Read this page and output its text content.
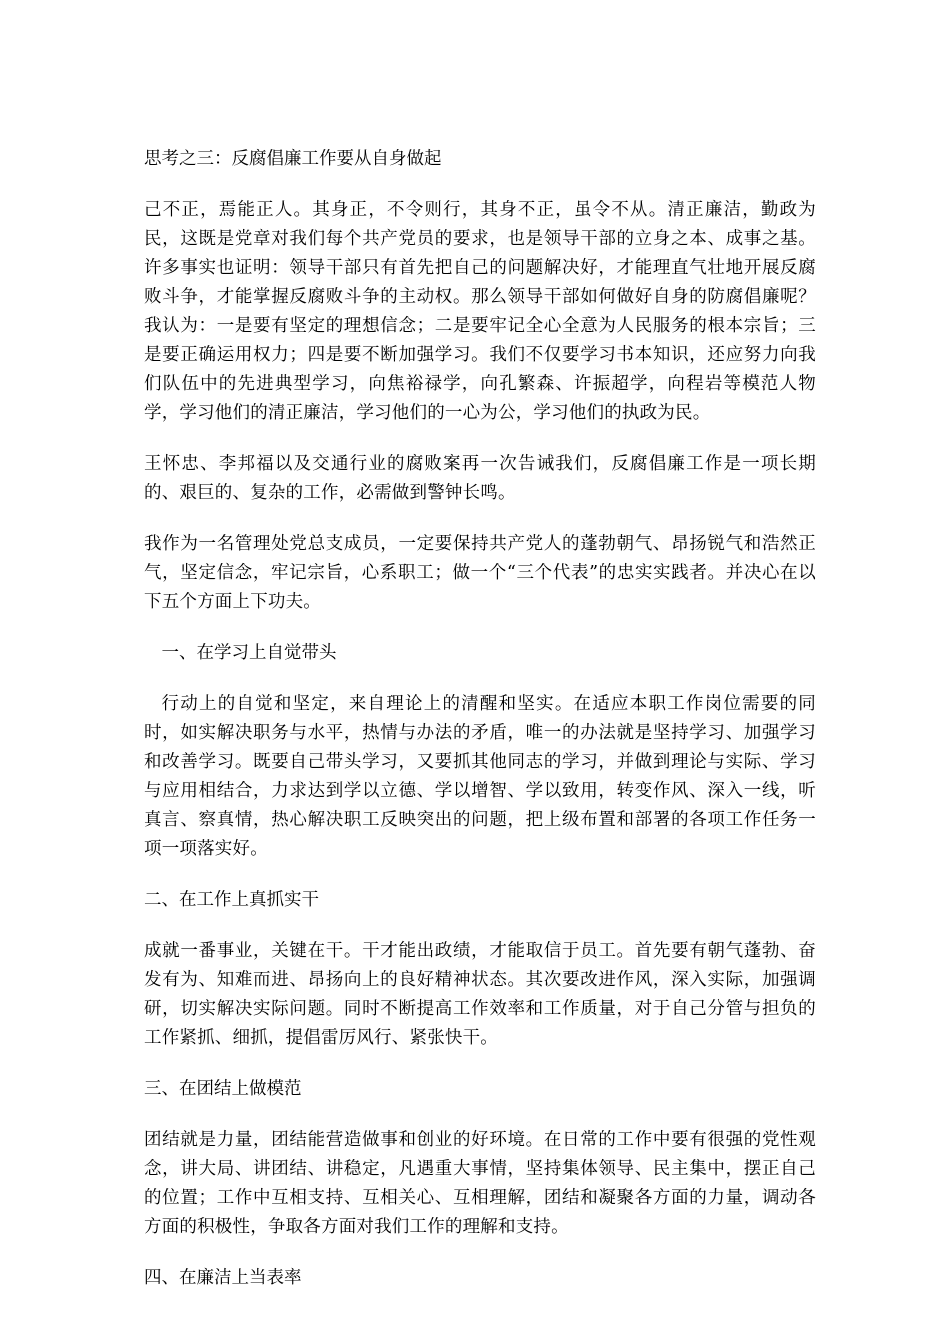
思考之三：反腐倡廉工作要从自身做起

己不正，焉能正人。其身正，不令则行，其身不正，虽令不从。清正廉洁，勤政为民，这既是党章对我们每个共产党员的要求，也是领导干部的立身之本、成事之基。许多事实也证明：领导干部只有首先把自己的问题解决好，才能理直气壮地开展反腐败斗争，才能掌握反腐败斗争的主动权。那么领导干部如何做好自身的防腐倡廉呢？我认为：一是要有坚定的理想信念；二是要牢记全心全意为人民服务的根本宗旨；三是要正确运用权力；四是要不断加强学习。我们不仅要学习书本知识，还应努力向我们队伍中的先进典型学习，向焦裕禄学，向孔繁森、许振超学，向程岩等模范人物学，学习他们的清正廉洁，学习他们的一心为公，学习他们的执政为民。

王怀忠、李邦福以及交通行业的腐败案再一次告诫我们，反腐倡廉工作是一项长期的、艰巨的、复杂的工作，必需做到警钟长鸣。

我作为一名管理处党总支成员，一定要保持共产党人的蓬勃朝气、昂扬锐气和浩然正气，坚定信念，牢记宗旨，心系职工；做一个“三个代表”的忠实实践者。并决心在以下五个方面上下功夫。

一、在学习上自觉带头

行动上的自觉和坚定，来自理论上的清醒和坚实。在适应本职工作岗位需要的同时，如实解决职务与水平，热情与办法的矛盾，唯一的办法就是坚持学习、加强学习和改善学习。既要自己带头学习，又要抓其他同志的学习，并做到理论与实际、学习与应用相结合，力求达到学以立德、学以增智、学以致用，转变作风、深入一线，听真言、察真情，热心解决职工反映突出的问题，把上级布置和部署的各项工作任务一项一项落实好。

二、在工作上真抓实干

成就一番事业，关键在干。干才能出政绩，才能取信于员工。首先要有朝气蓬勃、奋发有为、知难而进、昂扬向上的良好精神状态。其次要改进作风，深入实际，加强调研，切实解决实际问题。同时不断提高工作效率和工作质量，对于自己分管与担负的工作紧抓、细抓，提倡雷厉风行、紧张快干。

三、在团结上做模范

团结就是力量，团结能营造做事和创业的好环境。在日常的工作中要有很强的党性观念，讲大局、讲团结、讲稳定，凡遇重大事情，坚持集体领导、民主集中，摆正自己的位置；工作中互相支持、互相关心、互相理解，团结和凝聚各方面的力量，调动各方面的积极性，争取各方面对我们工作的理解和支持。

四、在廉洁上当表率
